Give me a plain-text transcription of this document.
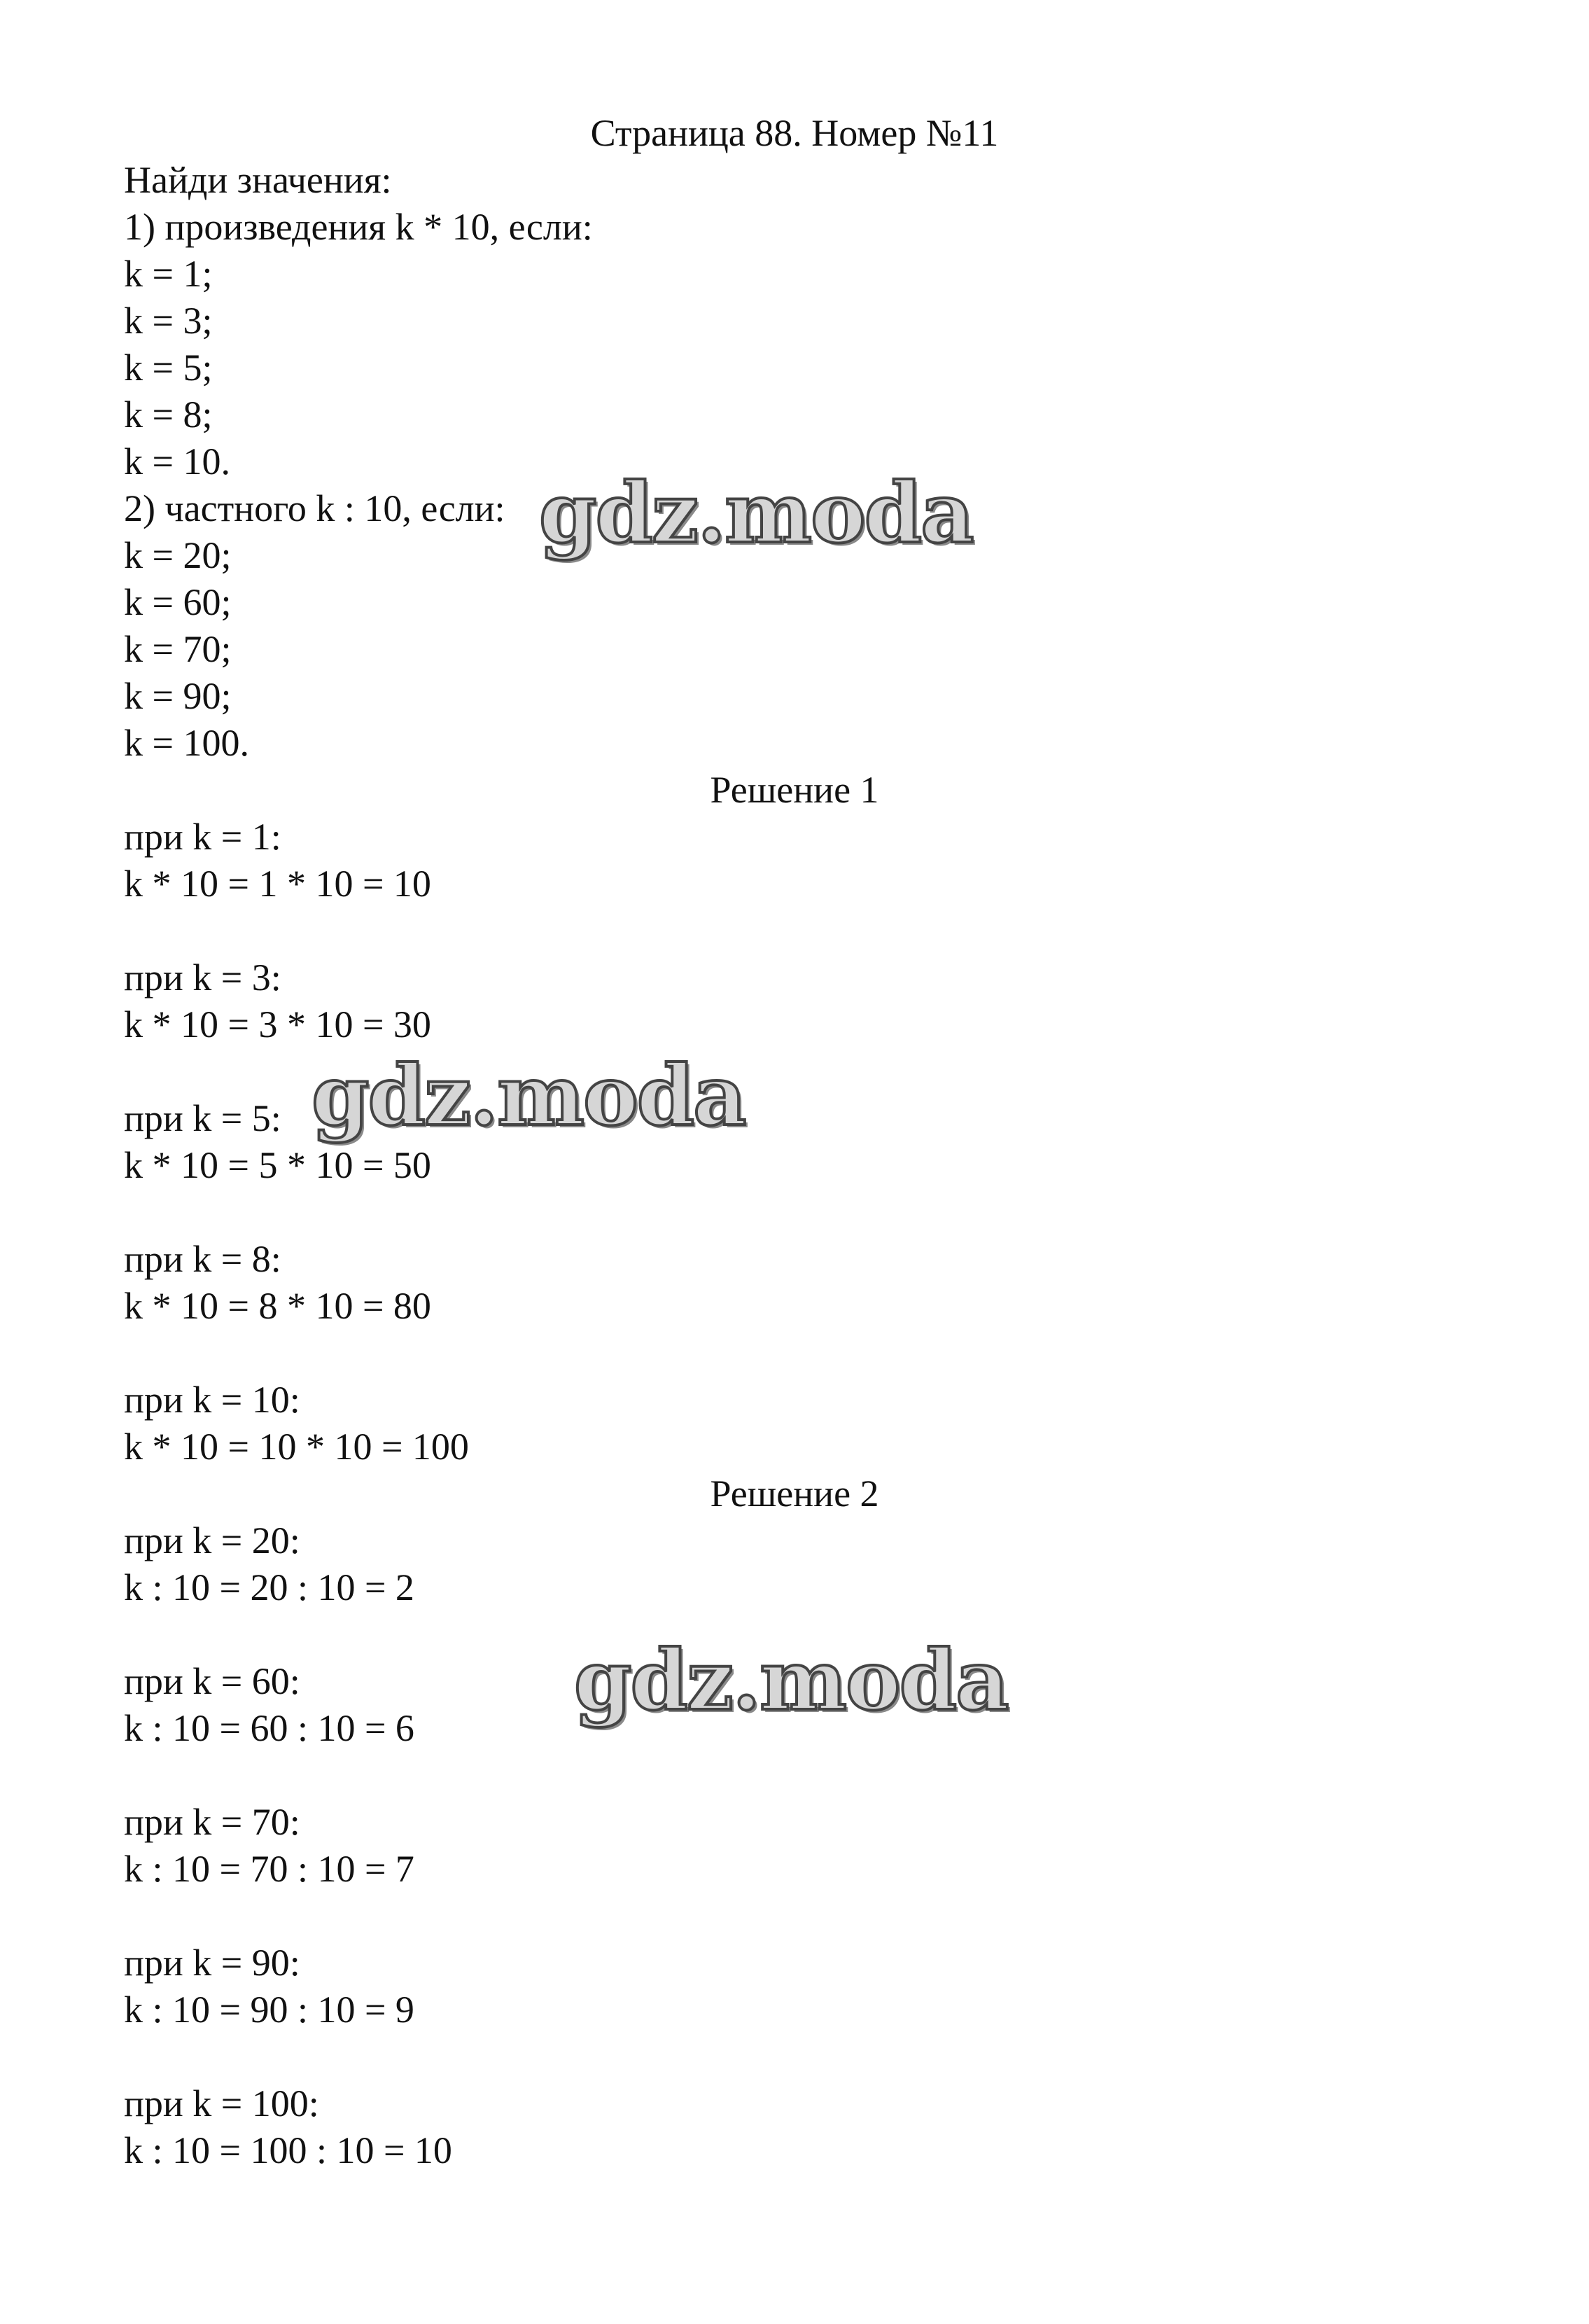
Страница 88. Номер №11
Найди значения:
1) произведения k * 10, если:
k = 1;
k = 3;
k = 5;
k = 8;
k = 10.
2) частного k : 10, если:
k = 20;
k = 60;
k = 70;
k = 90;
k = 100.
Решение 1
при k = 1:
k * 10 = 1 * 10 = 10
при k = 3:
k * 10 = 3 * 10 = 30
при k = 5:
k * 10 = 5 * 10 = 50
при k = 8:
k * 10 = 8 * 10 = 80
при k = 10:
k * 10 = 10 * 10 = 100
Решение 2
при k = 20:
k : 10 = 20 : 10 = 2
при k = 60:
k : 10 = 60 : 10 = 6
при k = 70:
k : 10 = 70 : 10 = 7
при k = 90:
k : 10 = 90 : 10 = 9
при k = 100:
k : 10 = 100 : 10 = 10
gdz.moda
gdz.moda
gdz.moda
